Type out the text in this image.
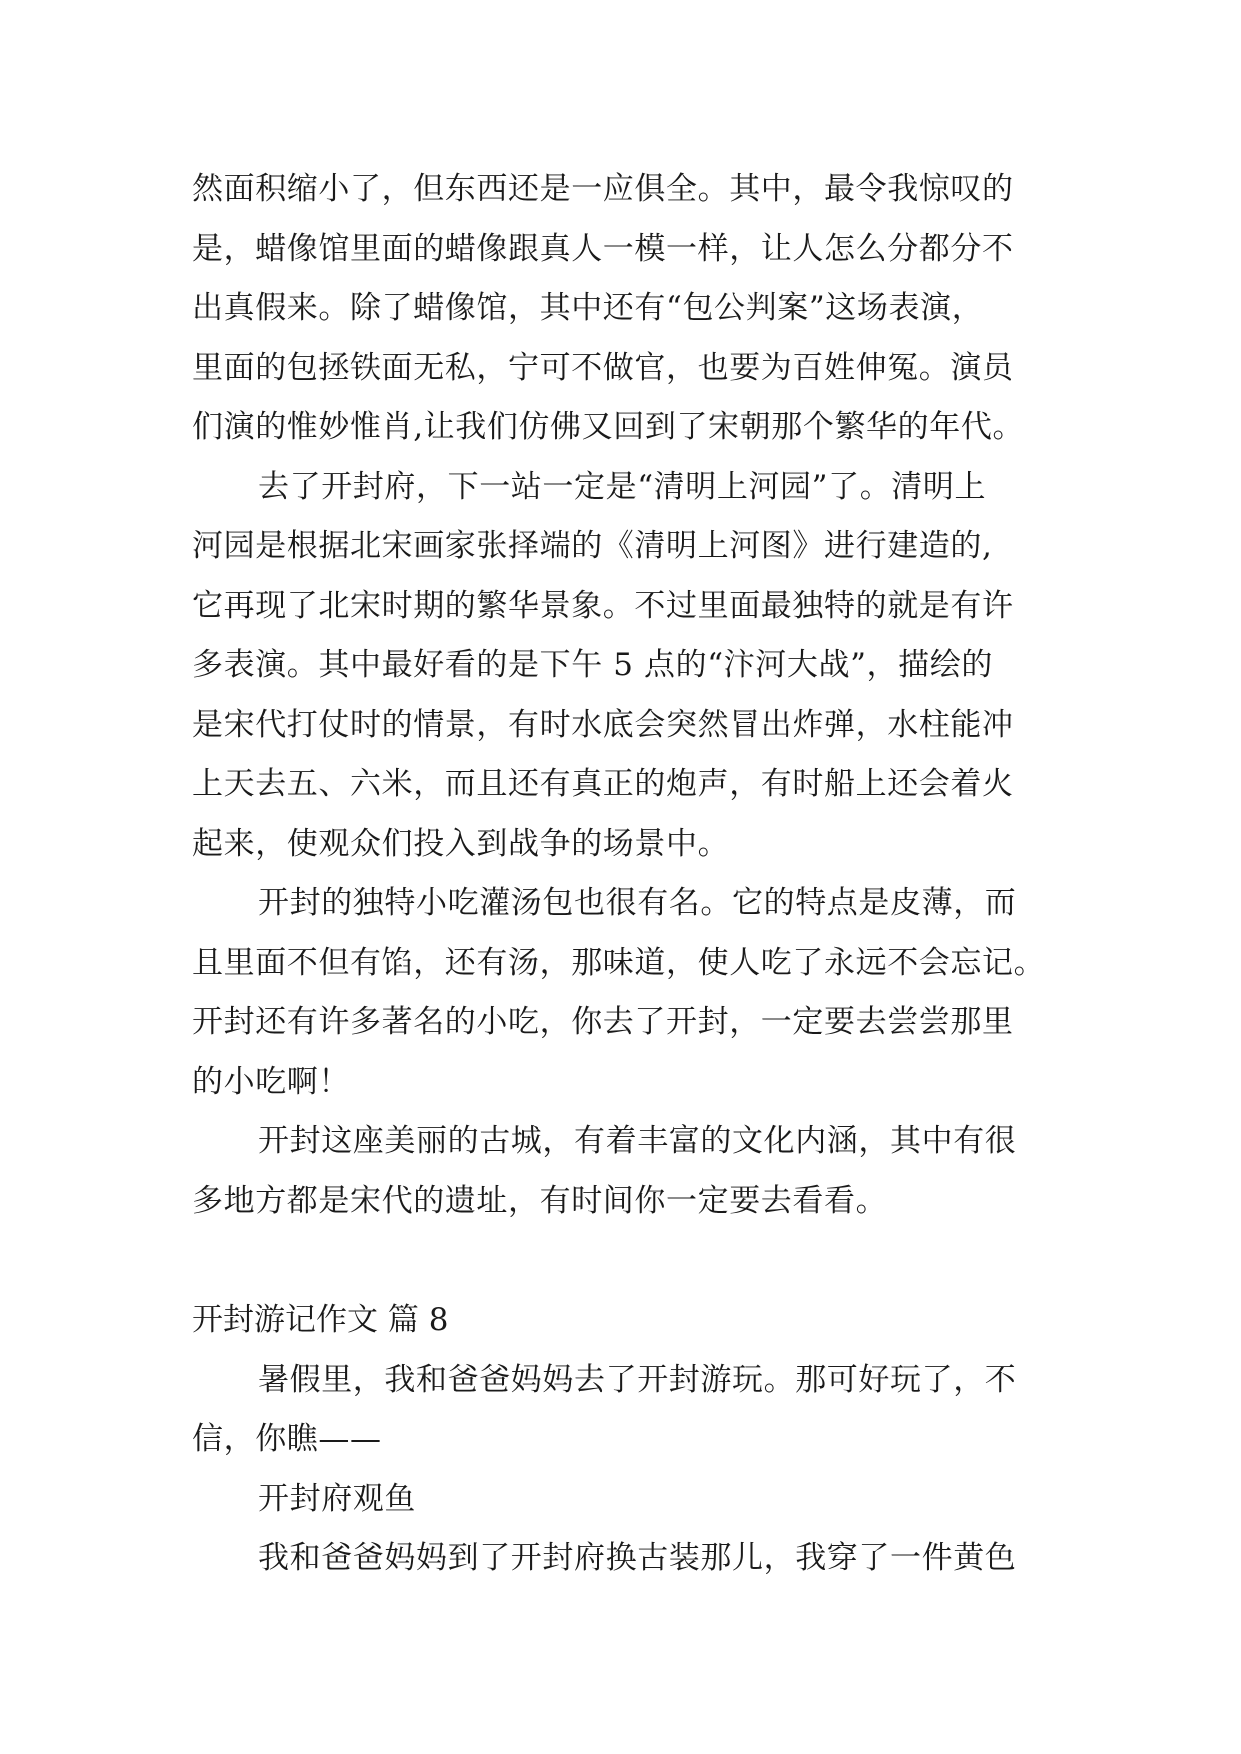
然面积缩小了，但东西还是一应俱全。其中，最令我惊叹的
是，蜡像馆里面的蜡像跟真人一模一样，让人怎么分都分不
出真假来。除了蜡像馆，其中还有“包公判案”这场表演，
里面的包拯铁面无私，宁可不做官，也要为百姓伸冤。演员
们演的惟妙惟肖,让我们仿佛又回到了宋朝那个繁华的年代。
去了开封府，下一站一定是“清明上河园”了。清明上
河园是根据北宋画家张择端的《清明上河图》进行建造的,
它再现了北宋时期的繁华景象。不过里面最独特的就是有许
多表演。其中最好看的是下午 5 点的“汴河大战”，描绘的
是宋代打仗时的情景，有时水底会突然冒出炸弹，水柱能冲
上天去五、六米，而且还有真正的炮声，有时船上还会着火
起来，使观众们投入到战争的场景中。
开封的独特小吃灌汤包也很有名。它的特点是皮薄，而
且里面不但有馅，还有汤，那味道，使人吃了永远不会忘记。
开封还有许多著名的小吃，你去了开封，一定要去尝尝那里
的小吃啊！
开封这座美丽的古城，有着丰富的文化内涵，其中有很
多地方都是宋代的遗址，有时间你一定要去看看。
开封游记作文 篇 8
暑假里，我和爸爸妈妈去了开封游玩。那可好玩了，不
信，你瞧——
开封府观鱼
我和爸爸妈妈到了开封府换古装那儿，我穿了一件黄色
